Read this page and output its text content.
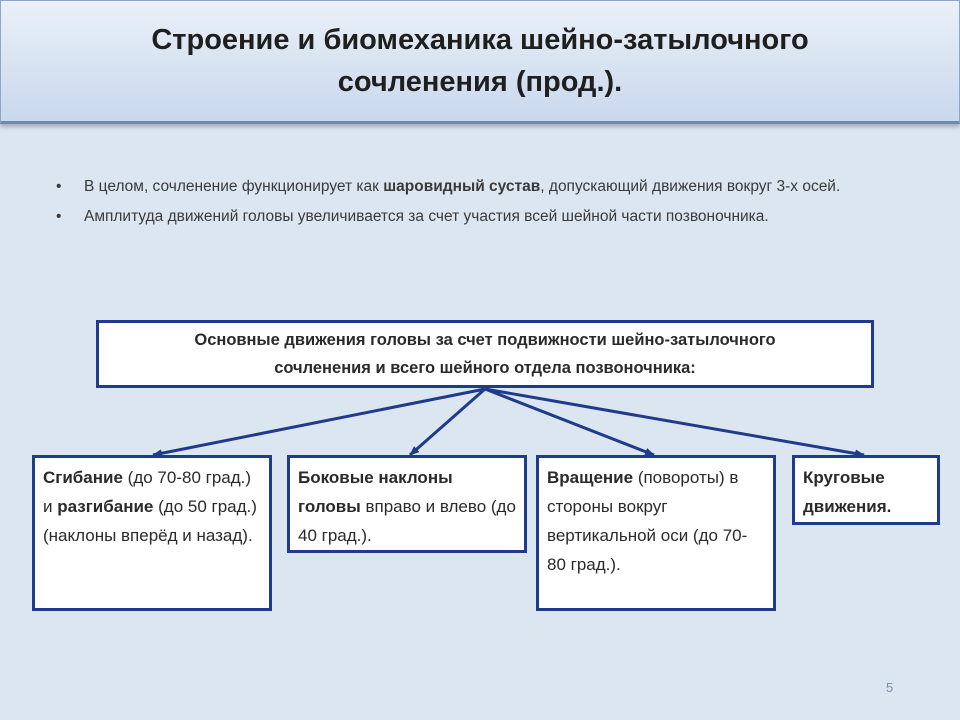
Строение и биомеханика шейно-затылочного
сочленения (прод.).
• В целом, сочленение функционирует как шаровидный сустав, допускающий движения вокруг 3-х осей.
• Амплитуда движений головы увеличивается за счет участия всей шейной части позвоночника.
Основные движения головы за счет подвижности шейно-затылочного
сочленения и всего шейного отдела позвоночника:
Сгибание (до 70-80 град.) и разгибание (до 50 град.) (наклоны вперёд и назад).
Боковые наклоны головы вправо и влево (до 40 град.).
Вращение (повороты) в стороны вокруг вертикальной оси (до 70-80 град.).
Круговые движения.
5
